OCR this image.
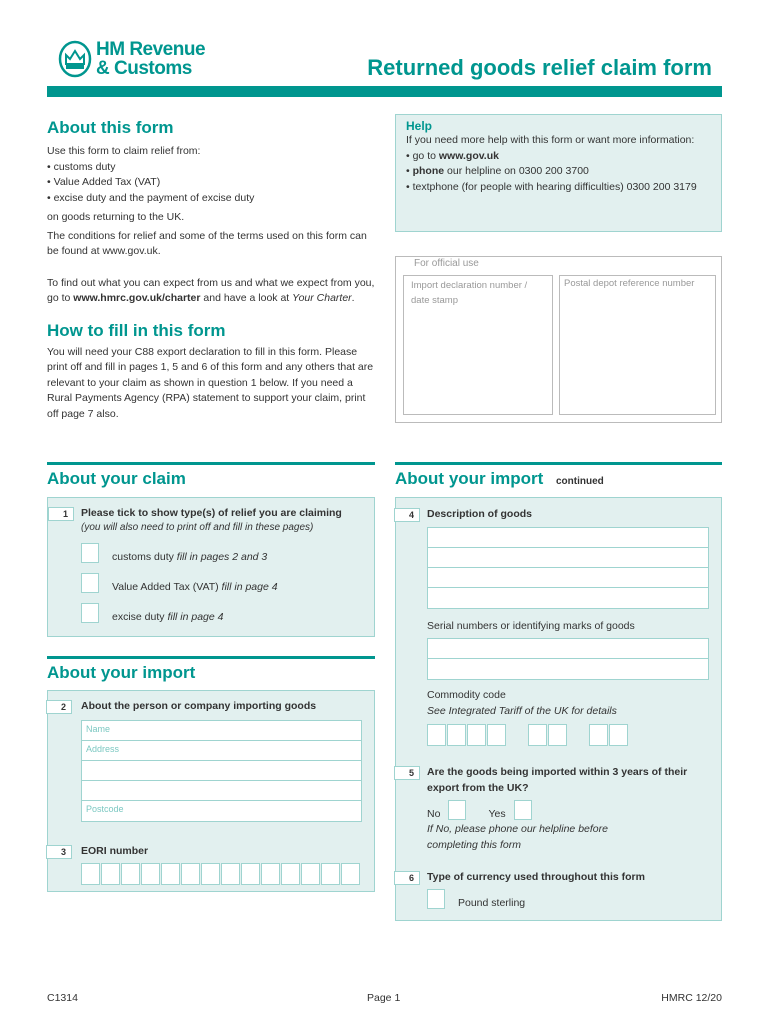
HM Revenue
& Customs	Returned goods relief claim form
About this form
Use this form to claim relief from:
• customs duty
• Value Added Tax (VAT)
• excise duty and the payment of excise duty
on goods returning to the UK.
The conditions for relief and some of the terms used on this form can be found at www.gov.uk.
To find out what you can expect from us and what we expect from you, go to www.hmrc.gov.uk/charter and have a look at Your Charter.
How to fill in this form
You will need your C88 export declaration to fill in this form. Please print off and fill in pages 1, 5 and 6 of this form and any others that are relevant to your claim as shown in question 1 below. If you need a Rural Payments Agency (RPA) statement to support your claim, print off page 7 also.
Help
If you need more help with this form or want more information:
• go to www.gov.uk
• phone our helpline on 0300 200 3700
• textphone (for people with hearing difficulties) 0300 200 3179
For official use
Import declaration number / date stamp
Postal depot reference number
About your claim
1	Please tick to show type(s) of relief you are claiming
(you will also need to print off and fill in these pages)
customs duty fill in pages 2 and 3
Value Added Tax (VAT) fill in page 4
excise duty fill in page 4
About your import
2	About the person or company importing goods
Name
Address
Postcode
3	EORI number
About your import continued
4	Description of goods
Serial numbers or identifying marks of goods
Commodity code
See Integrated Tariff of the UK for details
5	Are the goods being imported within 3 years of their export from the UK?
No	Yes
If No, please phone our helpline before completing this form
6	Type of currency used throughout this form
Pound sterling
C1314	Page 1	HMRC 12/20
